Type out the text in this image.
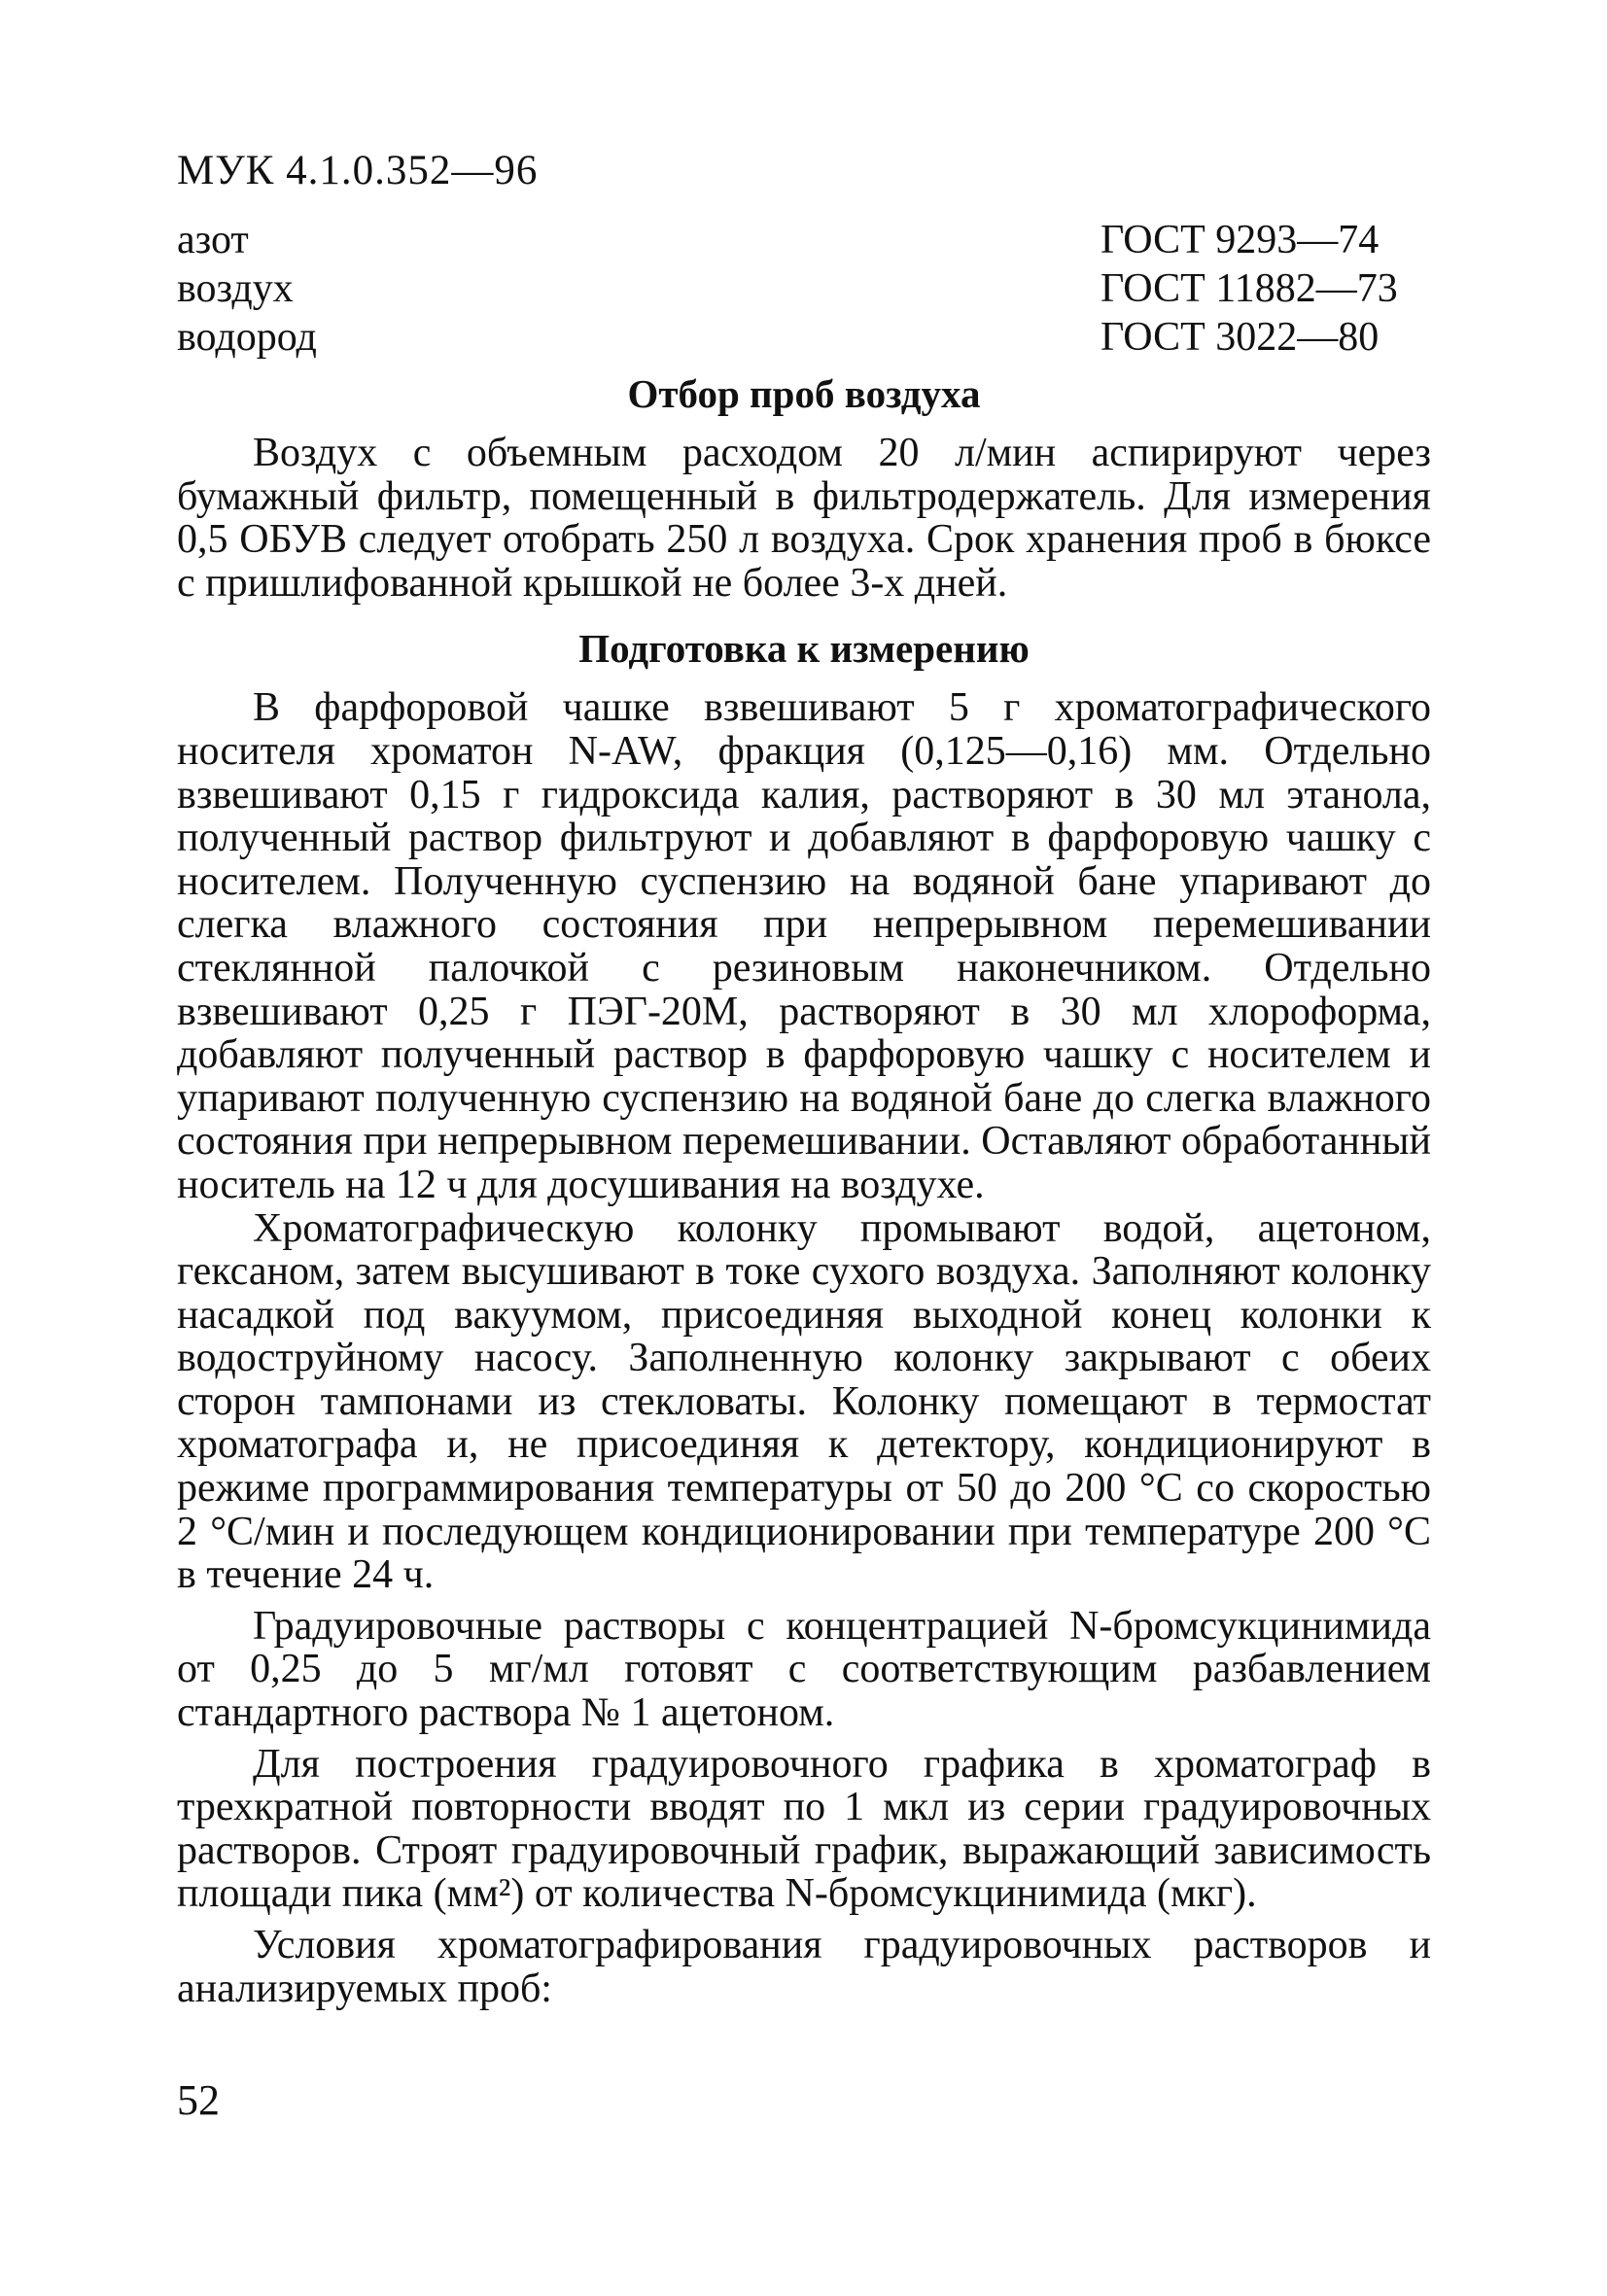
МУК 4.1.0.352—96
азот	ГОСТ 9293—74
воздух	ГОСТ 11882—73
водород	ГОСТ 3022—80
Отбор проб воздуха

Воздух с объемным расходом 20 л/мин аспирируют через бумажный фильтр, помещенный в фильтродержатель. Для измерения 0,5 ОБУВ следует отобрать 250 л воздуха. Срок хранения проб в бюксе с пришлифованной крышкой не более 3-х дней.

Подготовка к измерению

В фарфоровой чашке взвешивают 5 г хроматографического носителя хроматон N-AW, фракция (0,125—0,16) мм. Отдельно взвешивают 0,15 г гидроксида калия, растворяют в 30 мл этанола, полученный раствор фильтруют и добавляют в фарфоровую чашку с носителем. Полученную суспензию на водяной бане упаривают до слегка влажного состояния при непрерывном перемешивании стеклянной палочкой с резиновым наконечником. Отдельно взвешивают 0,25 г ПЭГ-20М, растворяют в 30 мл хлороформа, добавляют полученный раствор в фарфоровую чашку с носителем и упаривают полученную суспензию на водяной бане до слегка влажного состояния при непрерывном перемешивании. Оставляют обработанный носитель на 12 ч для досушивания на воздухе.

Хроматографическую колонку промывают водой, ацетоном, гексаном, затем высушивают в токе сухого воздуха. Заполняют колонку насадкой под вакуумом, присоединяя выходной конец колонки к водоструйному насосу. Заполненную колонку закрывают с обеих сторон тампонами из стекловаты. Колонку помещают в термостат хроматографа и, не присоединяя к детектору, кондиционируют в режиме программирования температуры от 50 до 200 °С со скоростью 2 °С/мин и последующем кондиционировании при температуре 200 °С в течение 24 ч.

Градуировочные растворы с концентрацией N-бромсукцинимида от 0,25 до 5 мг/мл готовят с соответствующим разбавлением стандартного раствора № 1 ацетоном.

Для построения градуировочного графика в хроматограф в трехкратной повторности вводят по 1 мкл из серии градуировочных растворов. Строят градуировочный график, выражающий зависимость площади пика (мм²) от количества N-бромсукцинимида (мкг).

Условия хроматографирования градуировочных растворов и анализируемых проб:

52
